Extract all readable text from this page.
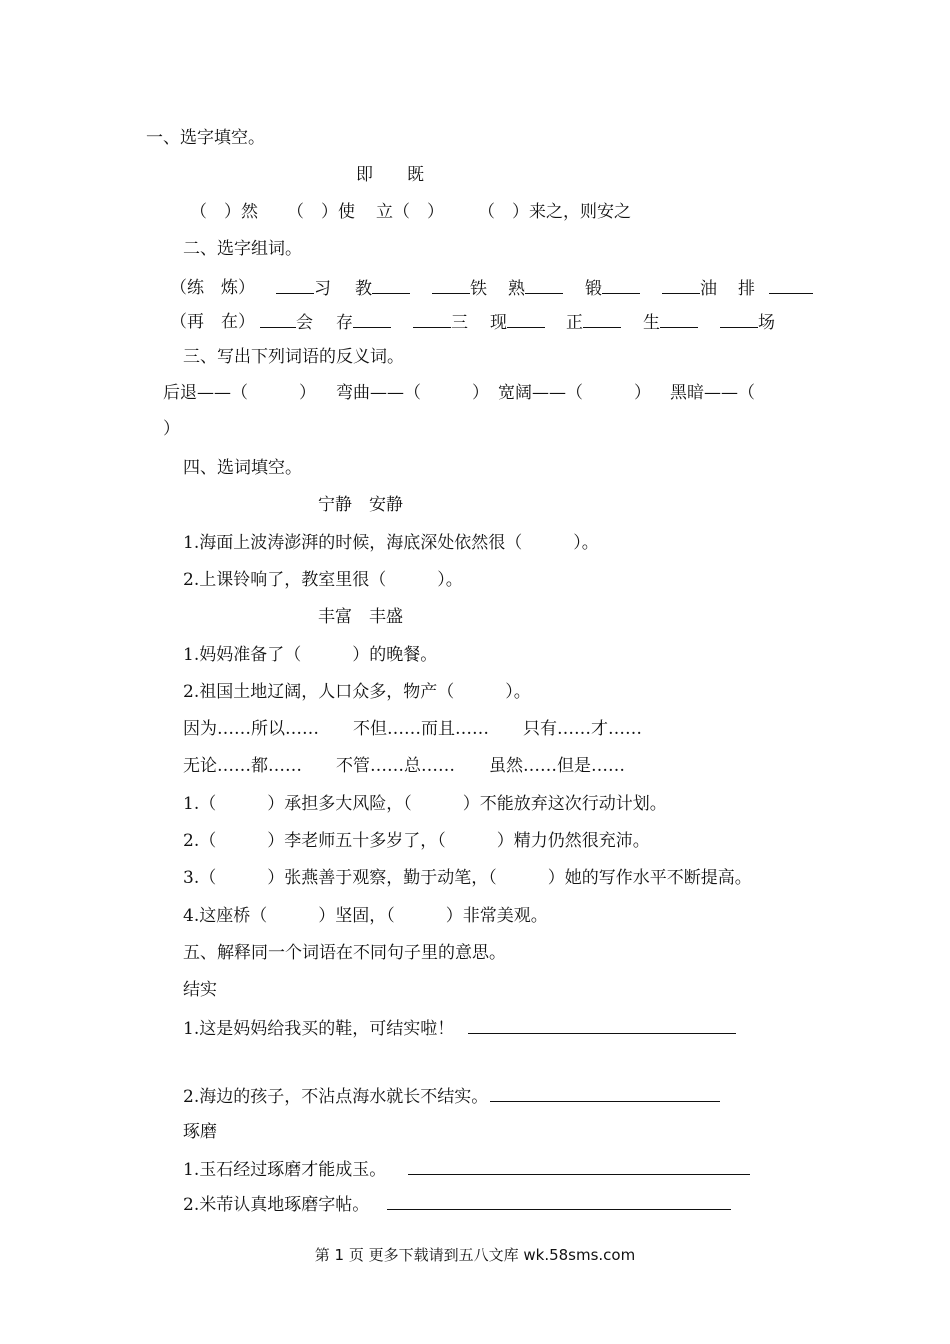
一、选字填空。
即　　既
（　）然 （　）使 立（　） （　）来之，则安之
二、选字组词。
（练　炼）	习 教	铁 熟	锻	油 排
（再　在）	会 存	三 现	正	生	场
三、写出下列词语的反义词。
后退——（　　　） 弯曲——（　　　） 宽阔——（　　　） 黑暗——（
）
四、选词填空。
宁静　安静
1.海面上波涛澎湃的时候，海底深处依然很（　　　）。
2.上课铃响了，教室里很（　　　）。
丰富　丰盛
1.妈妈准备了（　　　）的晚餐。
2.祖国土地辽阔，人口众多，物产（　　　）。
因为……所以……　　不但……而且……　　只有……才……
无论……都……　　不管……总……　　虽然……但是……
1.（　　　）承担多大风险，（　　　）不能放弃这次行动计划。
2.（　　　）李老师五十多岁了，（　　　）精力仍然很充沛。
3.（　　　）张燕善于观察，勤于动笔，（　　　）她的写作水平不断提高。
4.这座桥（　　　）坚固，（　　　）非常美观。
五、解释同一个词语在不同句子里的意思。
结实
1.这是妈妈给我买的鞋，可结实啦！
2.海边的孩子，不沾点海水就长不结实。
琢磨
1.玉石经过琢磨才能成玉。
2.米芾认真地琢磨字帖。
第 1 页 更多下载请到五八文库 wk.58sms.com
